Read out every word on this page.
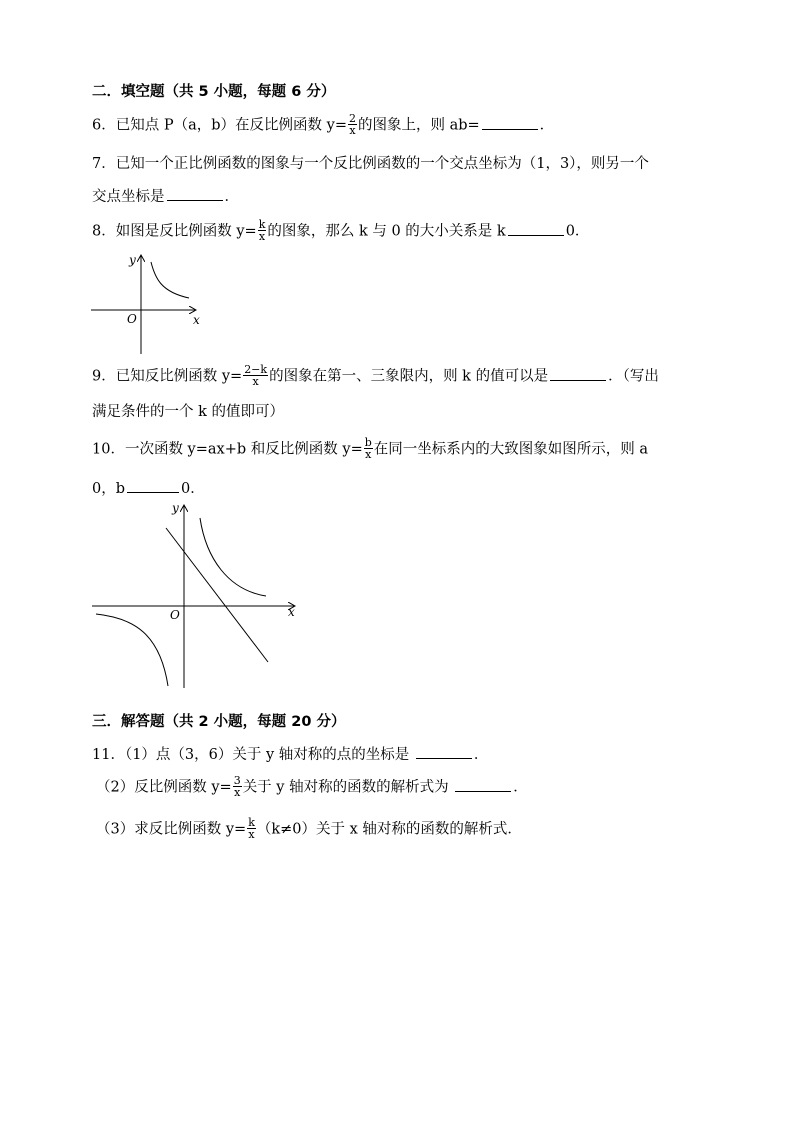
二．填空题（共 5 小题，每题 6 分）
6．已知点 P（a，b）在反比例函数 $y= \frac{2}{x}$ 的图象上，则 ab=	．
7．已知一个正比例函数的图象与一个反比例函数的一个交点坐标为（1，3），则另一个
交点坐标是	．
8．如图是反比例函数 $y= \frac{k}{x}$ 的图象，那么 k 与 0 的大小关系是 k	0．
y
x
O
9．已知反比例函数 $y= \frac{2-k}{x}$ 的图象在第一、三象限内，则 k 的值可以是	．（写出
满足条件的一个 k 的值即可）
10．一次函数 y=ax+b 和反比例函数 $y= \frac{b}{x}$ 在同一坐标系内的大致图象如图所示，则 a
0，b	0．
y
x
O
三．解答题（共 2 小题，每题 20 分）
11．（1）点（3，6）关于 y 轴对称的点的坐标是	．
（2）反比例函数 $y= \frac{3}{x}$ 关于 y 轴对称的函数的解析式为	．
（3）求反比例函数 $y= \frac{k}{x} (k\ne 0)$关于 x 轴对称的函数的解析式．
